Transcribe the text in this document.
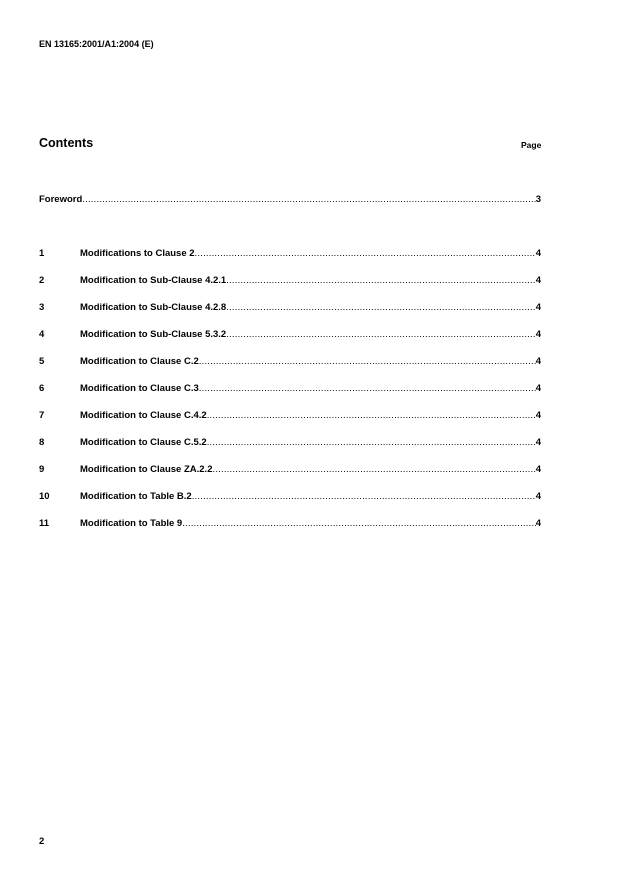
EN 13165:2001/A1:2004 (E)
Contents	Page
Foreword .....	3
1	Modifications to Clause 2 .....	4
2	Modification to Sub-Clause 4.2.1 .....	4
3	Modification to Sub-Clause 4.2.8 .....	4
4	Modification to Sub-Clause 5.3.2 .....	4
5	Modification to Clause C.2 .....	4
6	Modification to Clause C.3 .....	4
7	Modification to Clause C.4.2 .....	4
8	Modification to Clause C.5.2 .....	4
9	Modification to Clause ZA.2.2 .....	4
10	Modification to Table B.2 .....	4
11	Modification to Table 9 .....	4
2
